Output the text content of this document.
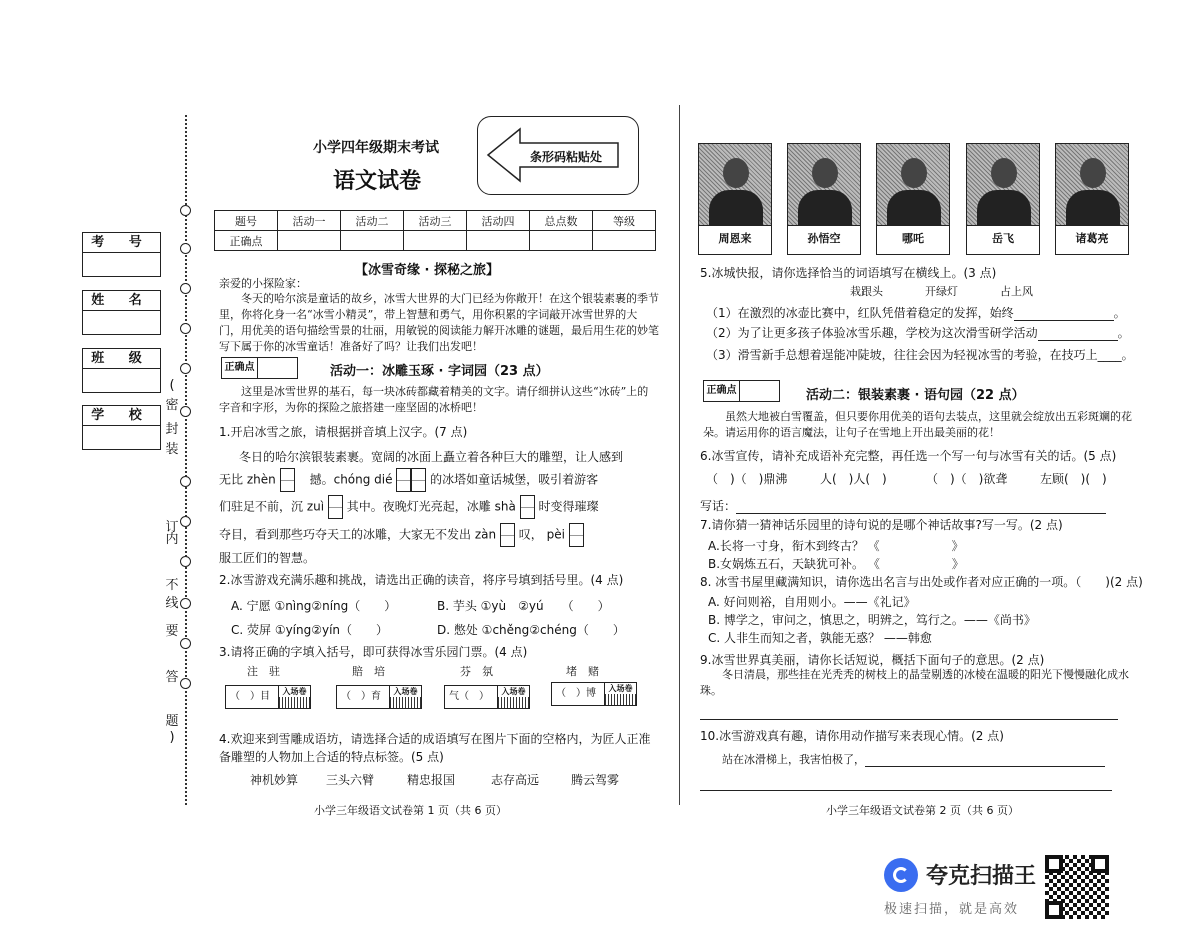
(
密
封
装
订
线
内
不
要
答
题
)
考 号
姓 名
班 级
学 校
小学四年级期末考试
语文试卷
条形码粘贴处
题号	活动一	活动二	活动三	活动四	总点数	等级
正确点						
【冰雪奇缘 · 探秘之旅】
亲爱的小探险家：
冬天的哈尔滨是童话的故乡，冰雪大世界的大门已经为你敞开！在这个银装素裹的季节里，你将化身一名“冰雪小精灵”，带上智慧和勇气，用你积累的字词敲开冰雪世界的大门，用优美的语句描绘雪景的壮丽，用敏锐的阅读能力解开冰雕的谜题，最后用生花的妙笔写下属于你的冰雪童话！准备好了吗？让我们出发吧！
正确点	活动一：冰雕玉琢 · 字词园（23 点）
这里是冰雪世界的基石，每一块冰砖都藏着精美的文字。请仔细拼认这些“冰砖”上的字音和字形，为你的探险之旅搭建一座坚固的冰桥吧！
1.开启冰雪之旅，请根据拼音填上汉字。(7 点)
冬日的哈尔滨银装素裹。宽阔的冰面上矗立着各种巨大的雕塑，让人感到
无比 zhèn	撼。chóng dié	的冰塔如童话城堡，吸引着游客
们驻足不前，沉 zuì 其中。夜晚灯光亮起，冰雕 shà 时变得璀璨
夺目，看到那些巧夺天工的冰雕，大家无不发出 zàn 叹， pèi
服工匠们的智慧。
2.冰雪游戏充满乐趣和挑战，请选出正确的读音，将序号填到括号里。(4 点)
A. 宁愿 ①nìng②níng（　　）	B. 芋头 ①yù　②yú　　（　　）
C. 荧屏 ①yíng②yín（　　）	D. 憋处 ①chěng②chéng（　　）
3.请将正确的字填入括号，即可获得冰雪乐园门票。(4 点)
注　驻	賠　培	芬　氛	堵　赌
（　）目	入场卷	（　）育	入场卷	气（　）	入场卷	（　）博	入场卷
4.欢迎来到雪雕成语坊，请选择合适的成语填写在图片下面的空格内，为匠人正准备雕塑的人物加上合适的特点标签。(5 点)
神机妙算 三头六臂	精忠报国	志存高远	腾云驾雾
小学三年级语文试卷第 1 页（共 6 页）
周恩来	孙悟空	哪吒	岳飞	诸葛亮
5.冰城快报，请你选择恰当的词语填写在横线上。(3 点)
栽跟头	开绿灯	占上风
（1）在激烈的冰壶比赛中，红队凭借着稳定的发挥，始终	。
（2）为了让更多孩子体验冰雪乐趣，学校为这次滑雪研学活动	。
（3）滑雪新手总想着逞能冲陡坡，往往会因为轻视冰雪的考验，在技巧上____。
正确点	活动二：银装素裹 · 语句园（22 点）
虽然大地被白雪覆盖，但只要你用优美的语句去装点，这里就会绽放出五彩斑斓的花朵。请运用你的语言魔法，让句子在雪地上开出最美丽的花！
6.冰雪宣传，请补充成语补充完整，再任选一个写一句与冰雪有关的话。(5 点)
（　)（　)鼎沸	人(　)人(　)	（　)（　)欲聋	左顾(　)(　)
写话：
7.请你猜一猜神话乐园里的诗句说的是哪个神话故事?写一写。(2 点)
A.长将一寸身，衔木到终古？ 《　　　　　　》
B.女娲炼五石，天缺犹可补。 《　　　　　　》
8. 冰雪书屋里藏满知识，请你选出名言与出处或作者对应正确的一项。（　　)(2 点)
A. 好问则裕，自用则小。——《礼记》
B. 博学之，审问之，慎思之，明辨之，笃行之。——《尚书》
C. 人非生而知之者，孰能无惑？ ——韩愈
9.冰雪世界真美丽，请你长话短说，概括下面句子的意思。(2 点)
冬日清晨，那些挂在光秃秃的树枝上的晶莹剔透的冰棱在温暖的阳光下慢慢融化成水珠。
10.冰雪游戏真有趣，请你用动作描写来表现心情。(2 点)
站在冰滑梯上，我害怕极了，
小学三年级语文试卷第 2 页（共 6 页）
夸克扫描王
极速扫描，就是高效
